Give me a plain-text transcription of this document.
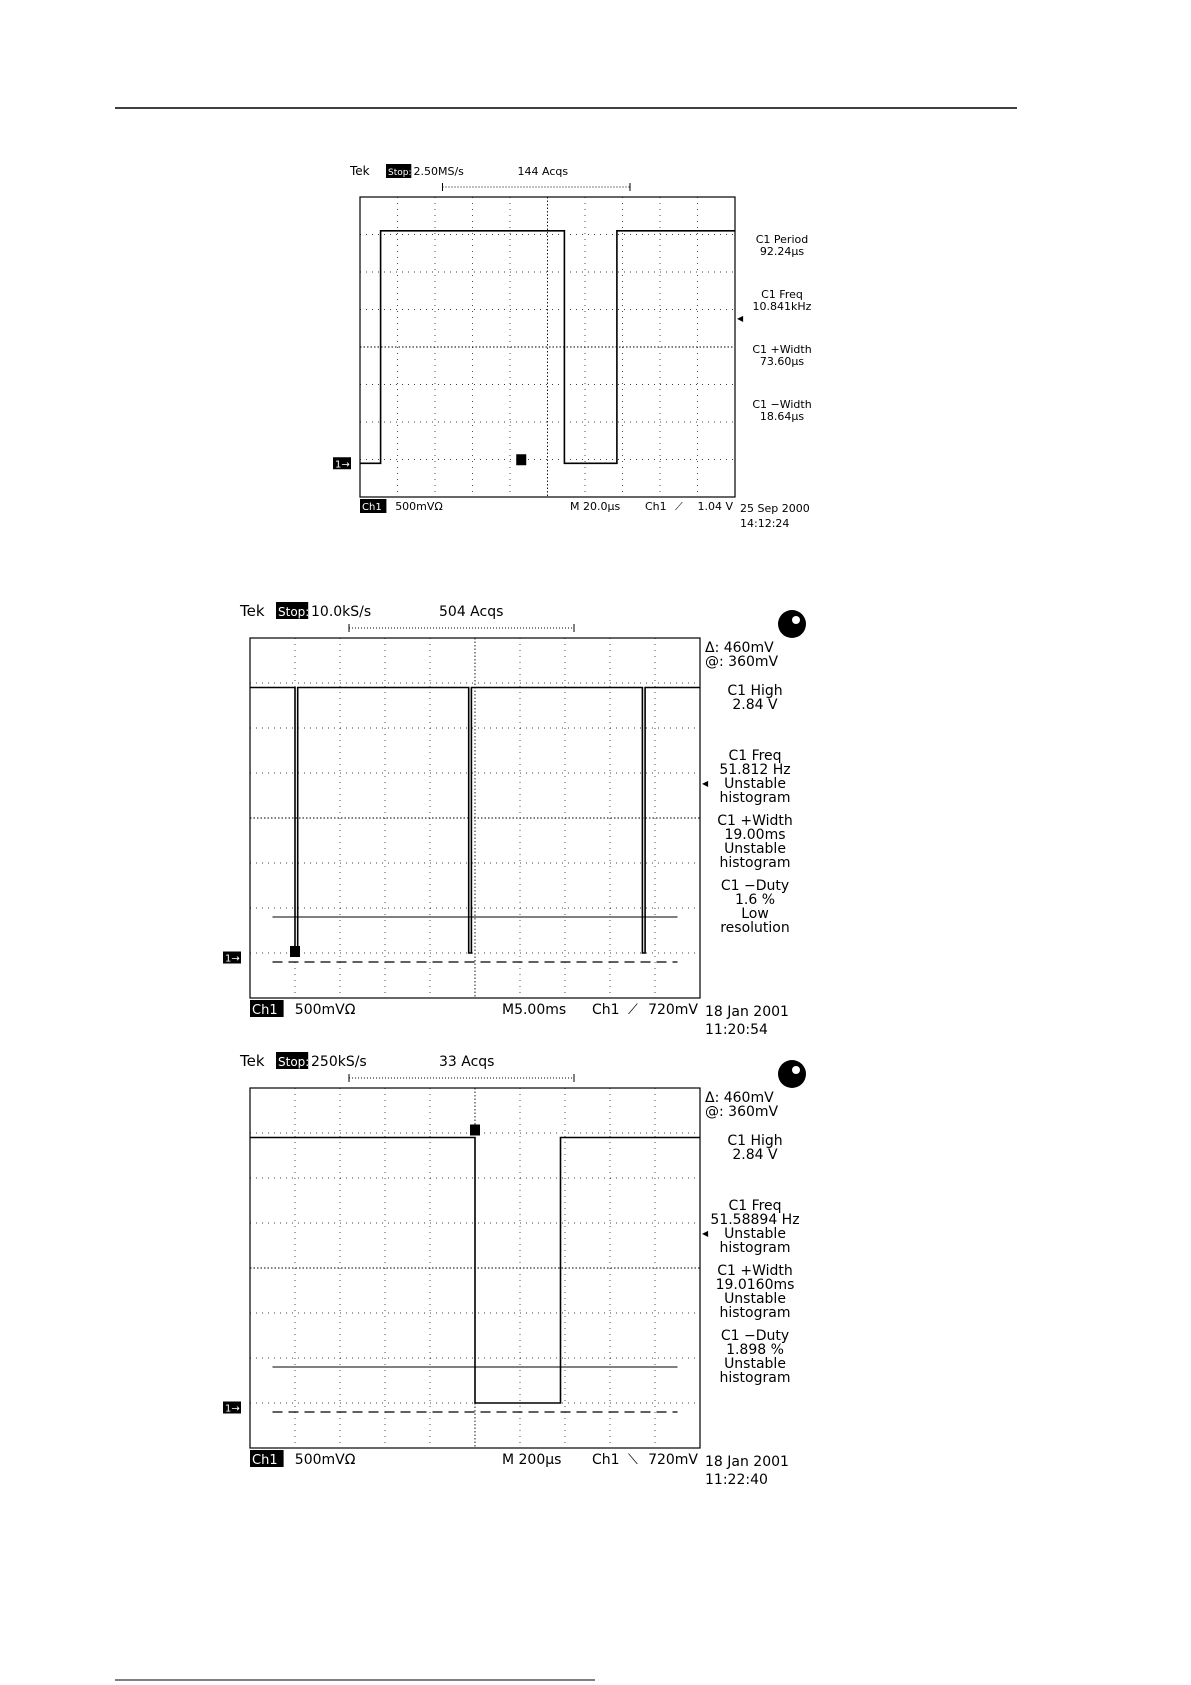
1→
◀
Tek Stop: 2.50MS/s	144 Acqs
C1 Period
92.24μs
C1 Freq
10.841kHz
C1 +Width
73.60μs
C1 −Width
18.64μs
Ch1 500mVΩ	M 20.0μs Ch1 ⟋ 1.04 V 25 Sep 2000
14:12:24
1→
◀
Tek Stop: 10.0kS/s	504 Acqs
Δ: 460mV
@: 360mV
C1 High
2.84 V
C1 Freq
51.812 Hz
Unstable
histogram
C1 +Width
19.00ms
Unstable
histogram
C1 −Duty
1.6 %
Low
resolution
Ch1 500mVΩ	M5.00ms Ch1 ⟋ 720mV 18 Jan 2001
11:20:54
1→
◀
Tek Stop: 250kS/s	33 Acqs
Δ: 460mV
@: 360mV
C1 High
2.84 V
C1 Freq
51.58894 Hz
Unstable
histogram
C1 +Width
19.0160ms
Unstable
histogram
C1 −Duty
1.898 %
Unstable
histogram
Ch1 500mVΩ	M 200μs Ch1 ⟍ 720mV 18 Jan 2001
11:22:40
